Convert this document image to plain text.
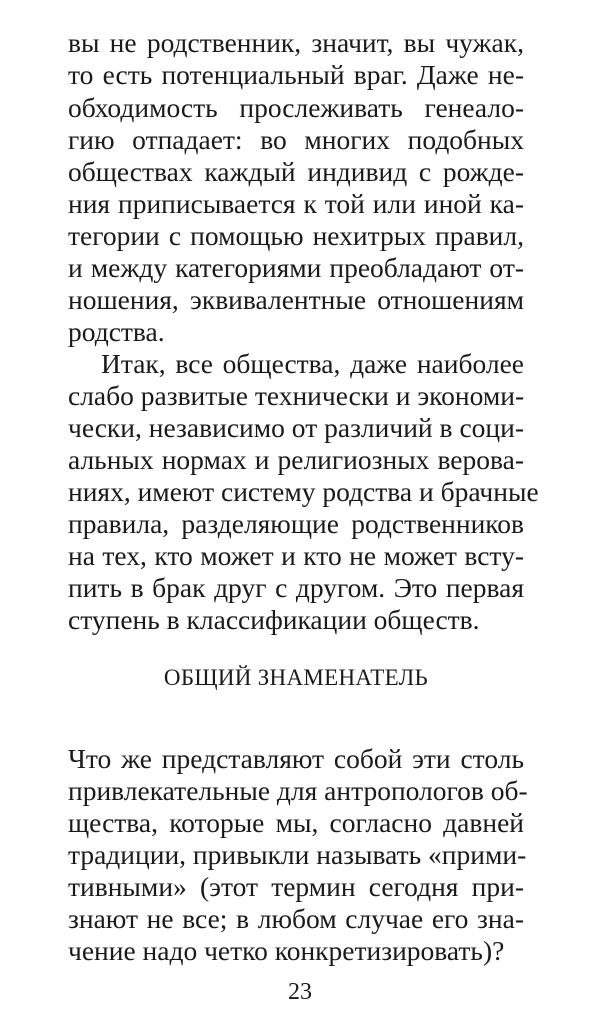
вы не родственник, значит, вы чужак,
то есть потенциальный враг. Даже не-
обходимость прослеживать генеало-
гию отпадает: во многих подобных
обществах каждый индивид с рожде-
ния приписывается к той или иной ка-
тегории с помощью нехитрых правил,
и между категориями преобладают от-
ношения, эквивалентные отношениям
родства.
Итак, все общества, даже наиболее
слабо развитые технически и экономи-
чески, независимо от различий в соци-
альных нормах и религиозных верова-
ниях, имеют систему родства и брачные
правила, разделяющие родственников
на тех, кто может и кто не может всту-
пить в брак друг с другом. Это первая
ступень в классификации обществ.
ОБЩИЙ ЗНАМЕНАТЕЛЬ
Что же представляют собой эти столь
привлекательные для антропологов об-
щества, которые мы, согласно давней
традиции, привыкли называть «прими-
тивными» (этот термин сегодня при-
знают не все; в любом случае его зна-
чение надо четко конкретизировать)?
23
